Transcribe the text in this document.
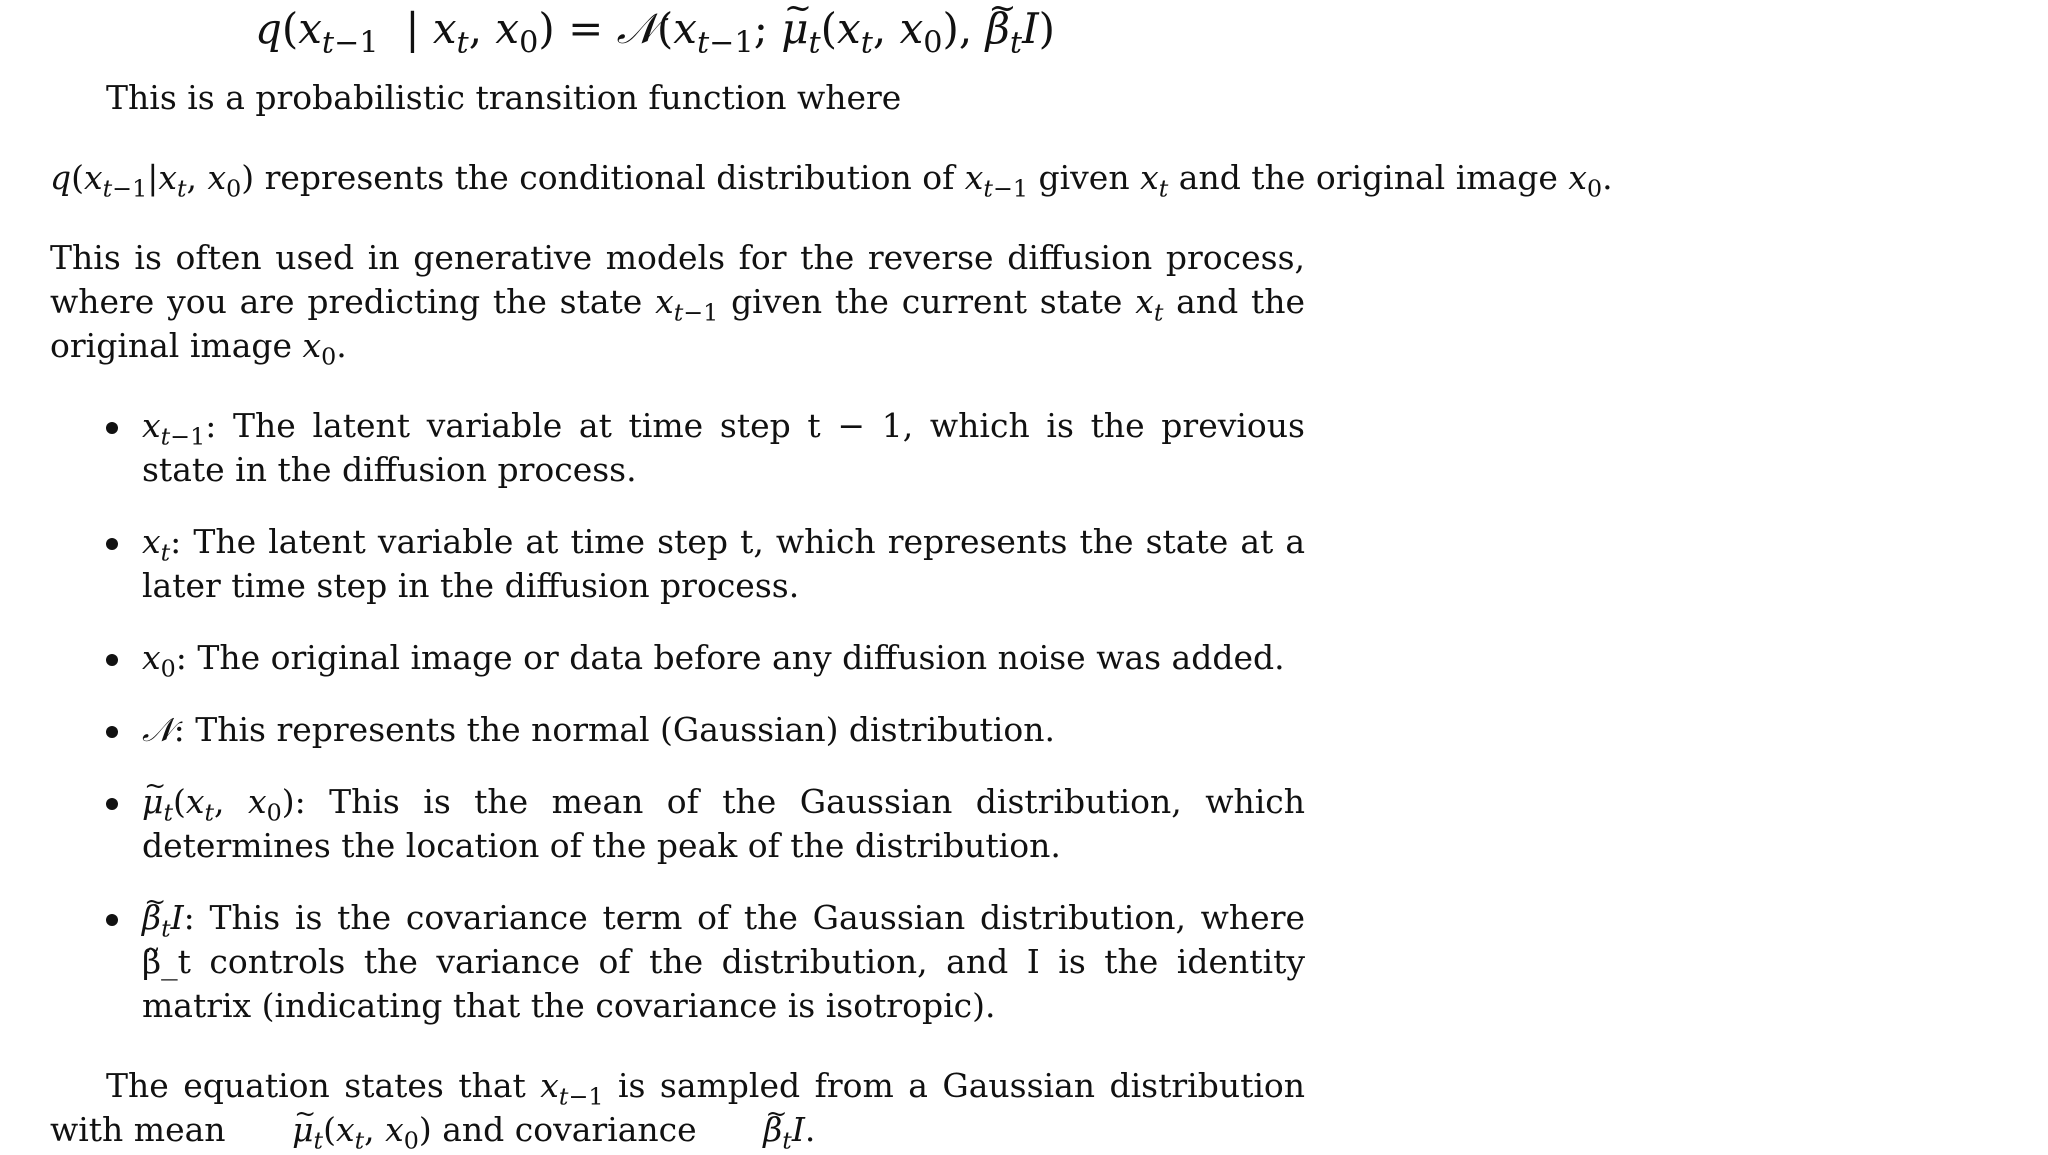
$q(x_{t-1}$  | $x_t$, $x_0$) = $𝒩(x_{t-1}$; ~ $\mu_t(x_t$, $x_0$), ~ $\beta_tI$)
This is a probabilistic transition function where
$q(x_{t-1}|x_t$, $x_0$) represents the conditional distribution of $x_{t-1}$ given $x_t$ and the original image $x_0$.
This is often used in generative models for the reverse diffusion process, where you are predicting the state $x_{t-1}$ given the current state $x_t$ and the original image $x_0$.
$x_{t-1}$: The latent variable at time step t − 1, which is the previous state in the diffusion process.
$x_t$: The latent variable at time step t, which represents the state at a later time step in the diffusion process.
$x_0$: The original image or data before any diffusion noise was added.
𝒩: This represents the normal (Gaussian) distribution.
~ $\mu_t(x_t$, $x_0$): This is the mean of the Gaussian distribution, which determines the location of the peak of the distribution.
~ $\beta_tI$: This is the covariance term of the Gaussian distribution, where β̃_t controls the variance of the distribution, and I is the identity matrix (indicating that the covariance is isotropic).
The equation states that $x_{t-1}$ is sampled from a Gaussian distribution with mean ~ $\mu_t(x_t$, $x_0$) and covariance ~ $\beta_tI$.
